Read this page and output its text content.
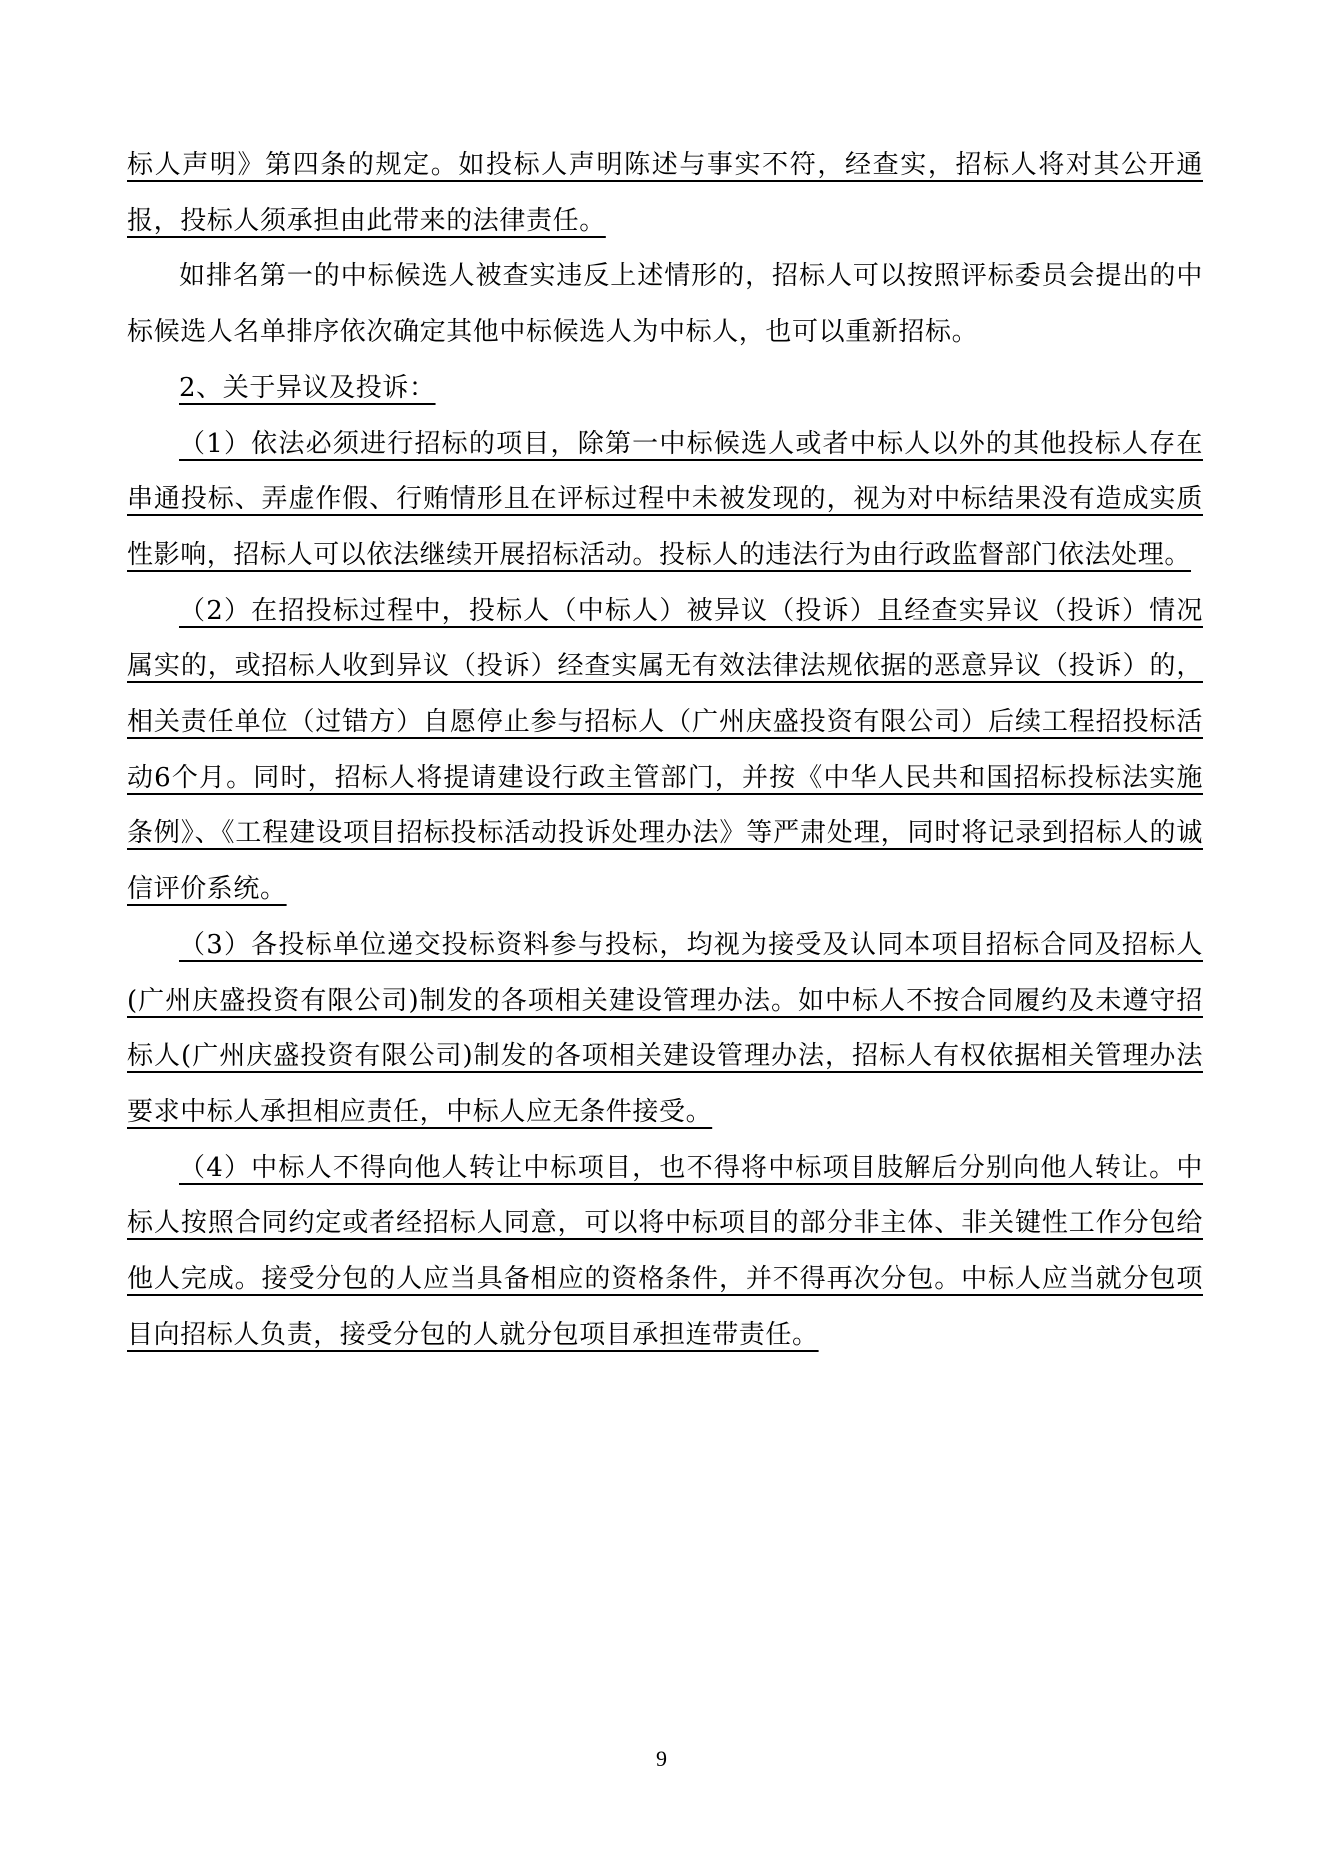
标人声明》第四条的规定。如投标人声明陈述与事实不符，经查实，招标人将对其公开通报，投标人须承担由此带来的法律责任。

如排名第一的中标候选人被查实违反上述情形的，招标人可以按照评标委员会提出的中标候选人名单排序依次确定其他中标候选人为中标人，也可以重新招标。

2、关于异议及投诉：

（1）依法必须进行招标的项目，除第一中标候选人或者中标人以外的其他投标人存在串通投标、弄虚作假、行贿情形且在评标过程中未被发现的，视为对中标结果没有造成实质性影响，招标人可以依法继续开展招标活动。投标人的违法行为由行政监督部门依法处理。

（2）在招投标过程中，投标人（中标人）被异议（投诉）且经查实异议（投诉）情况属实的，或招标人收到异议（投诉）经查实属无有效法律法规依据的恶意异议（投诉）的，相关责任单位（过错方）自愿停止参与招标人（广州庆盛投资有限公司）后续工程招投标活动6个月。同时，招标人将提请建设行政主管部门，并按《中华人民共和国招标投标法实施条例》、《工程建设项目招标投标活动投诉处理办法》等严肃处理，同时将记录到招标人的诚信评价系统。

（3）各投标单位递交投标资料参与投标，均视为接受及认同本项目招标合同及招标人(广州庆盛投资有限公司)制发的各项相关建设管理办法。如中标人不按合同履约及未遵守招标人(广州庆盛投资有限公司)制发的各项相关建设管理办法，招标人有权依据相关管理办法要求中标人承担相应责任，中标人应无条件接受。

（4）中标人不得向他人转让中标项目，也不得将中标项目肢解后分别向他人转让。中标人按照合同约定或者经招标人同意，可以将中标项目的部分非主体、非关键性工作分包给他人完成。接受分包的人应当具备相应的资格条件，并不得再次分包。中标人应当就分包项目向招标人负责，接受分包的人就分包项目承担连带责任。

9
